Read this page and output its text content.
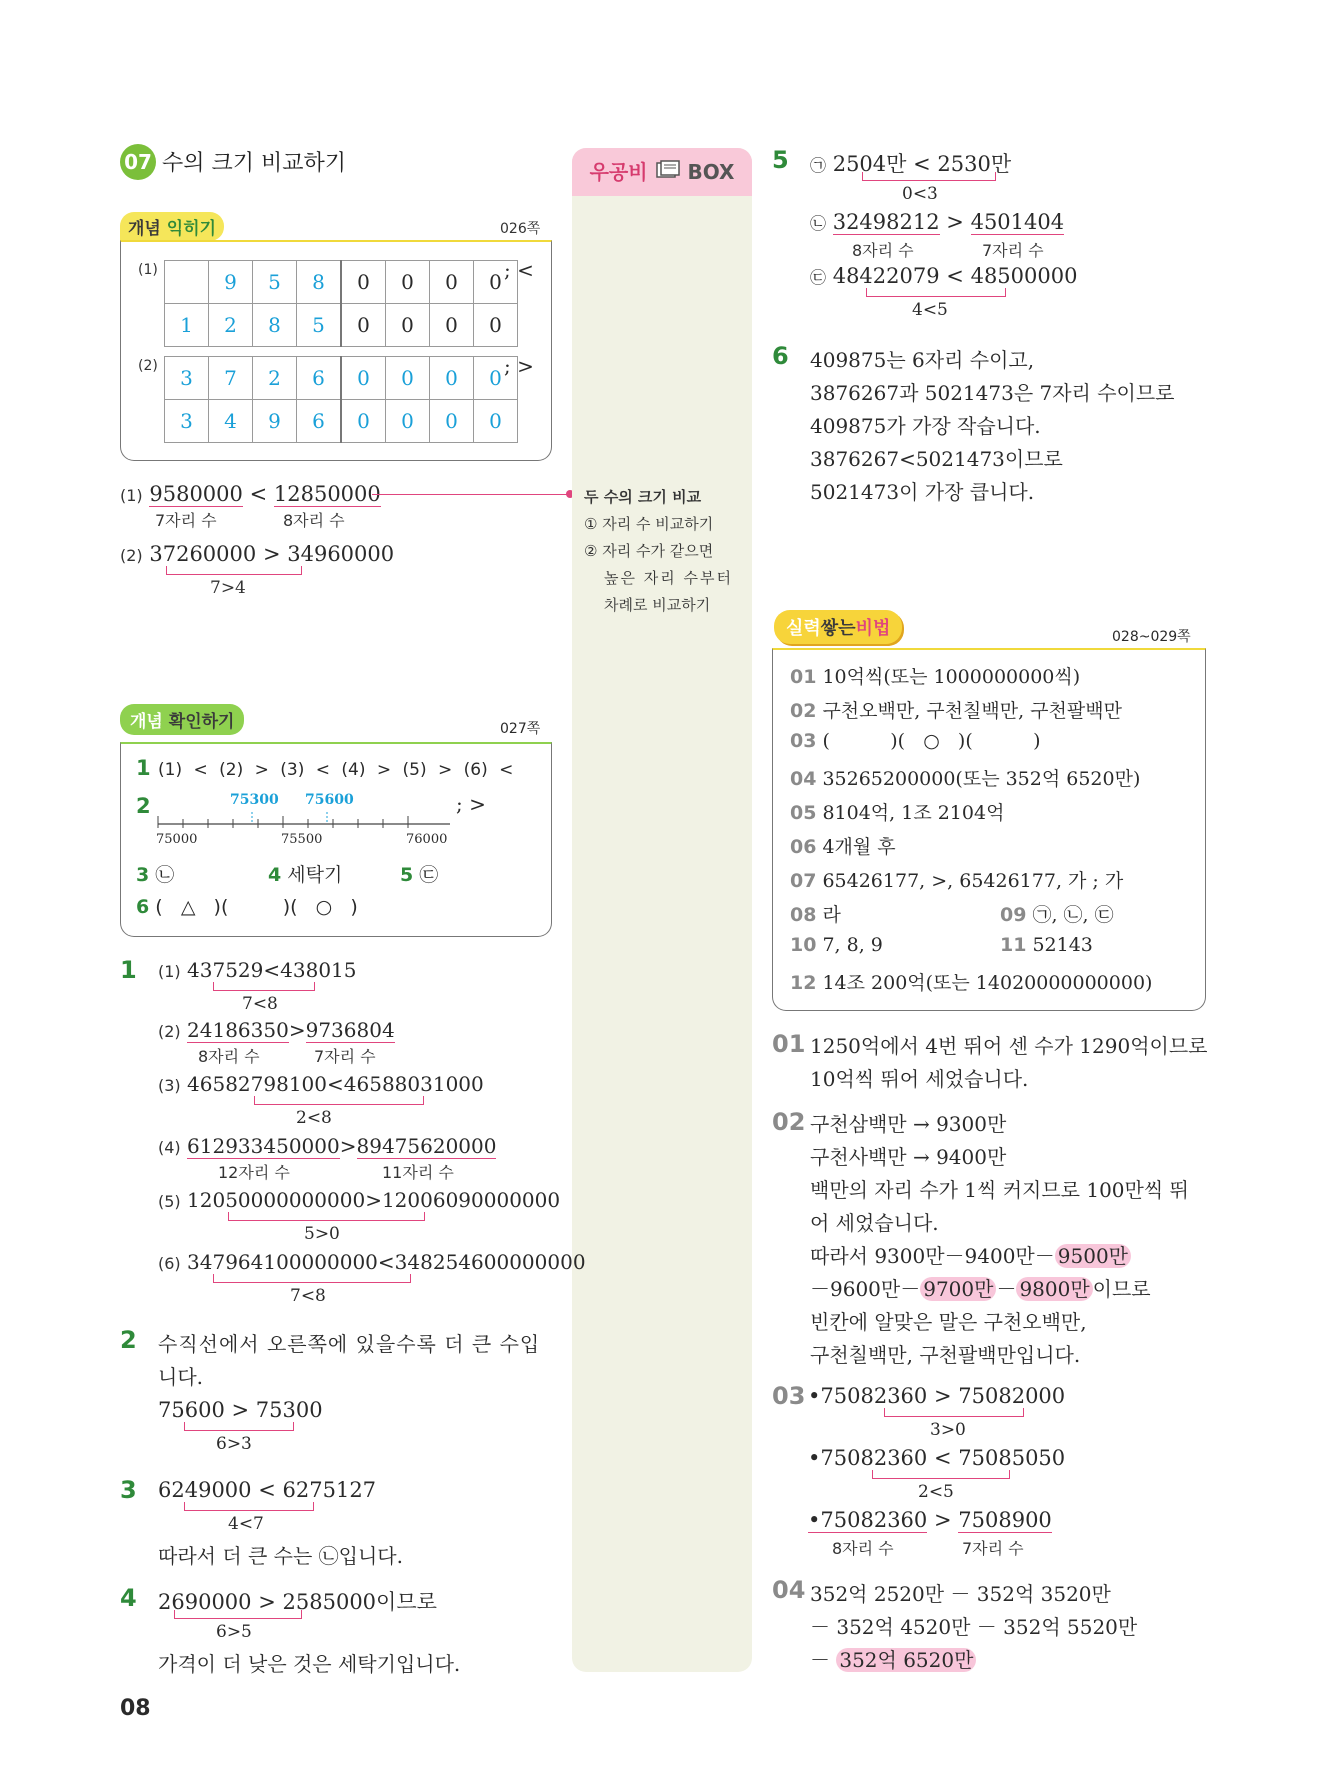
07 수의 크기 비교하기
개념 익히기	026쪽
(1)
		9	5	8	0	0	0	0
1	2	8	5	0	0	0	0
; <
(2) 3	7	2	6	0	0	0	0
3	4	9	6	0	0	0	0
; >
(1) 9580000 < 12850000
7자리 수	8자리 수
(2) 37260000 > 34960000
7>4
우공비 BOX
두 수의 크기 비교
① 자리 수 비교하기
② 자리 수가 같으면
높은 자리 수부터
차례로 비교하기
개념 확인하기	027쪽
1 (1) < (2) > (3) < (4) > (5) > (6) <
2	75300 75600
75000	75500	76000
; >
3 ㉡	4 세탁기	5 ㉢
6 (   △   )(         )(   ○   )
1 (1) 437529<438015
7<8
(2) 24186350>9736804
8자리 수	7자리 수
(3) 46582798100<46588031000
2<8
(4) 612933450000>89475620000
12자리 수	11자리 수
(5) 12050000000000>12006090000000
5>0
(6) 347964100000000<348254600000000
7<8
2 수직선에서 오른쪽에 있을수록 더 큰 수입
니다.
75600 > 75300
6>3
3 6249000 < 6275127
4<7
따라서 더 큰 수는 ㉡입니다.
4 2690000 > 2585000이므로
6>5
가격이 더 낮은 것은 세탁기입니다.
5 ㉠ 2504만 < 2530만
0<3
㉡ 32498212 > 4501404
8자리 수	7자리 수
㉢ 48422079 < 48500000
4<5
6 409875는 6자리 수이고,
3876267과 5021473은 7자리 수이므로
409875가 가장 작습니다.
3876267<5021473이므로
5021473이 가장 큽니다.
실력쌓는비법	028~029쪽
01 10억씩(또는 1000000000씩)
02 구천오백만, 구천칠백만, 구천팔백만
03 (          )(   ○   )(          )
04 35265200000(또는 352억 6520만)
05 8104억, 1조 2104억
06 4개월 후
07 65426177, >, 65426177, 가 ; 가
08 라	09 ㉠, ㉡, ㉢
10 7, 8, 9	11 52143
12 14조 200억(또는 14020000000000)
01 1250억에서 4번 뛰어 센 수가 1290억이므로
10억씩 뛰어 세었습니다.
02 구천삼백만 → 9300만
구천사백만 → 9400만
백만의 자리 수가 1씩 커지므로 100만씩 뛰
어 세었습니다.
따라서 9300만－9400만－ 9500만
－9600만－ 9700만 － 9800만 이므로
빈칸에 알맞은 말은 구천오백만,
구천칠백만, 구천팔백만입니다.
03 •75082360 > 75082000
3>0
•75082360 < 75085050
2<5
•75082360 > 7508900
8자리 수	7자리 수
04 352억 2520만 － 352억 3520만
－ 352억 4520만 － 352억 5520만
－ 352억 6520만
08
